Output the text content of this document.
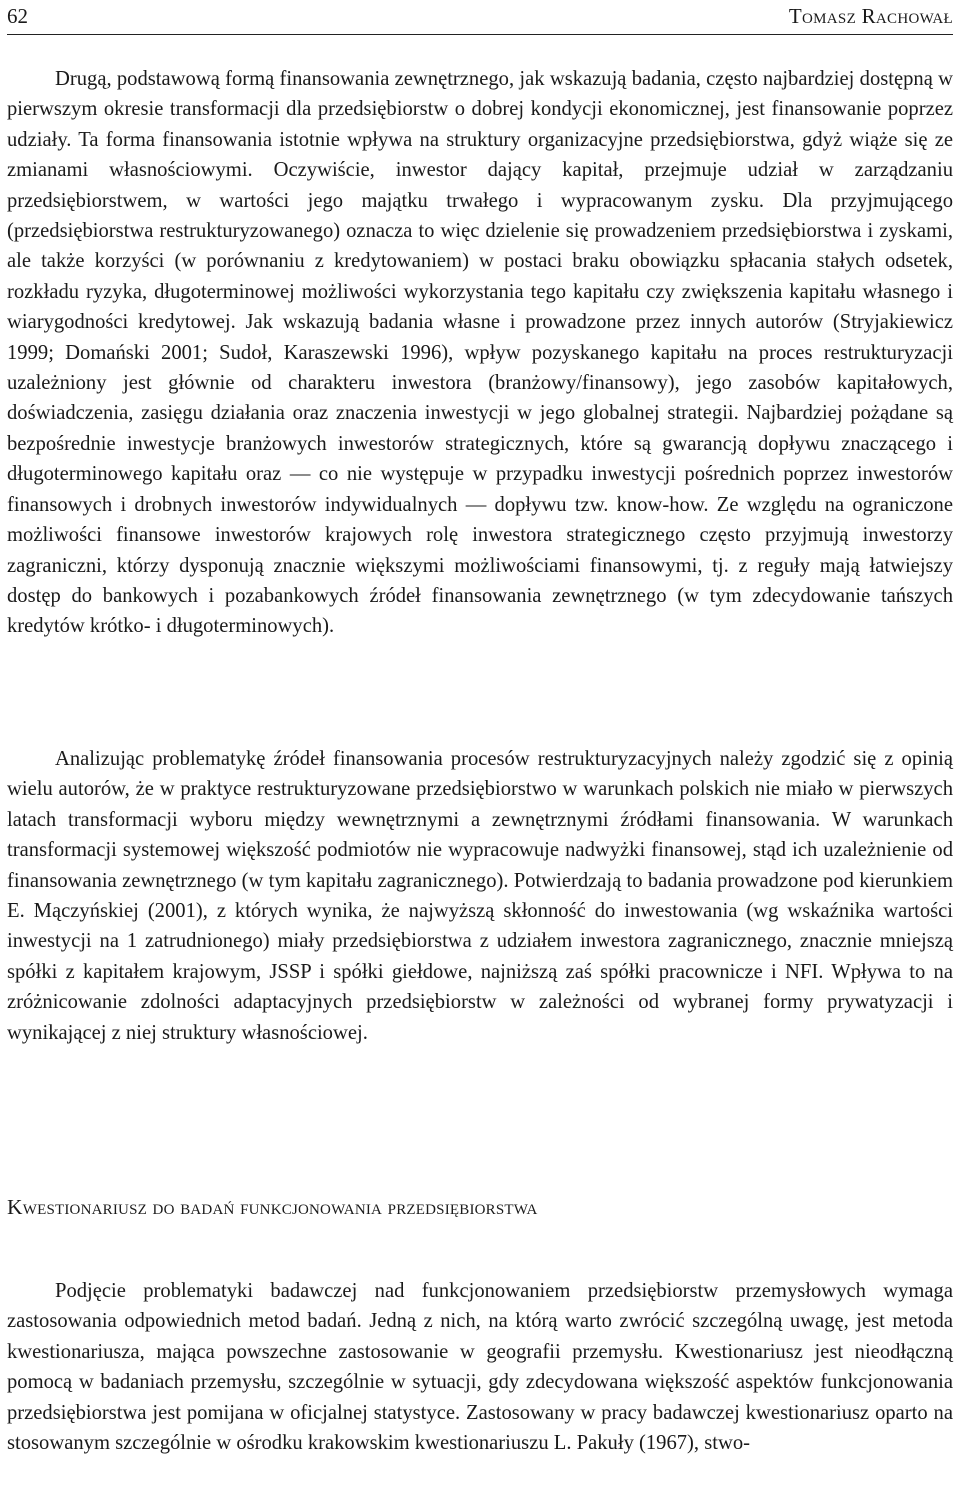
62	Tomasz Rachował

Drugą, podstawową formą finansowania zewnętrznego, jak wskazują badania, często najbardziej dostępną w pierwszym okresie transformacji dla przedsiębiorstw o dobrej kondycji ekonomicznej, jest finansowanie poprzez udziały. Ta forma finansowania istotnie wpływa na struktury organizacyjne przedsiębiorstwa, gdyż wiąże się ze zmianami własnościowymi. Oczywiście, inwestor dający kapitał, przejmuje udział w zarządzaniu przedsiębiorstwem, w wartości jego majątku trwałego i wypracowanym zysku. Dla przyjmującego (przedsiębiorstwa restrukturyzowanego) oznacza to więc dzielenie się prowadzeniem przedsiębiorstwa i zyskami, ale także korzyści (w porównaniu z kredytowaniem) w postaci braku obowiązku spłacania stałych odsetek, rozkładu ryzyka, długoterminowej możliwości wykorzystania tego kapitału czy zwiększenia kapitału własnego i wiarygodności kredytowej. Jak wskazują badania własne i prowadzone przez innych autorów (Stryjakiewicz 1999; Domański 2001; Sudoł, Karaszewski 1996), wpływ pozyskanego kapitału na proces restrukturyzacji uzależniony jest głównie od charakteru inwestora (branżowy/finansowy), jego zasobów kapitałowych, doświadczenia, zasięgu działania oraz znaczenia inwestycji w jego globalnej strategii. Najbardziej pożądane są bezpośrednie inwestycje branżowych inwestorów strategicznych, które są gwarancją dopływu znaczącego i długoterminowego kapitału oraz — co nie występuje w przypadku inwestycji pośrednich poprzez inwestorów finansowych i drobnych inwestorów indywidualnych — dopływu tzw. know-how. Ze względu na ograniczone możliwości finansowe inwestorów krajowych rolę inwestora strategicznego często przyjmują inwestorzy zagraniczni, którzy dysponują znacznie większymi możliwościami finansowymi, tj. z reguły mają łatwiejszy dostęp do bankowych i pozabankowych źródeł finansowania zewnętrznego (w tym zdecydowanie tańszych kredytów krótko- i długoterminowych).

Analizując problematykę źródeł finansowania procesów restrukturyzacyjnych należy zgodzić się z opinią wielu autorów, że w praktyce restrukturyzowane przedsiębiorstwo w warunkach polskich nie miało w pierwszych latach transformacji wyboru między wewnętrznymi a zewnętrznymi źródłami finansowania. W warunkach transformacji systemowej większość podmiotów nie wypracowuje nadwyżki finansowej, stąd ich uzależnienie od finansowania zewnętrznego (w tym kapitału zagranicznego). Potwierdzają to badania prowadzone pod kierunkiem E. Mączyńskiej (2001), z których wynika, że najwyższą skłonność do inwestowania (wg wskaźnika wartości inwestycji na 1 zatrudnionego) miały przedsiębiorstwa z udziałem inwestora zagranicznego, znacznie mniejszą spółki z kapitałem krajowym, JSSP i spółki giełdowe, najniższą zaś spółki pracownicze i NFI. Wpływa to na zróżnicowanie zdolności adaptacyjnych przedsiębiorstw w zależności od wybranej formy prywatyzacji i wynikającej z niej struktury własnościowej.

Kwestionariusz do badań funkcjonowania przedsiębiorstwa

Podjęcie problematyki badawczej nad funkcjonowaniem przedsiębiorstw przemysłowych wymaga zastosowania odpowiednich metod badań. Jedną z nich, na którą warto zwrócić szczególną uwagę, jest metoda kwestionariusza, mająca powszechne zastosowanie w geografii przemysłu. Kwestionariusz jest nieodłączną pomocą w badaniach przemysłu, szczególnie w sytuacji, gdy zdecydowana większość aspektów funkcjonowania przedsiębiorstwa jest pomijana w oficjalnej statystyce. Zastosowany w pracy badawczej kwestionariusz oparto na stosowanym szczególnie w ośrodku krakowskim kwestionariuszu L. Pakuły (1967), stwo-
